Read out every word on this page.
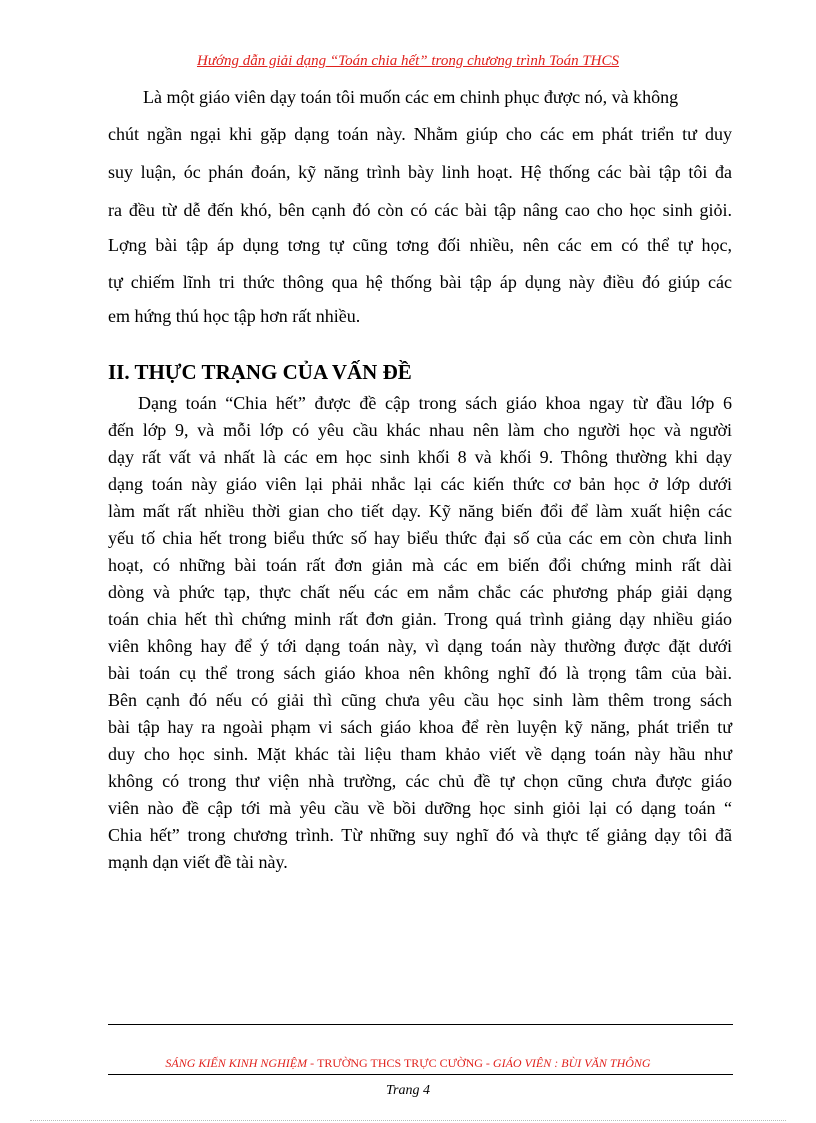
Hướng dẫn giải dạng “Toán chia hết” trong chương trình Toán THCS
Là một giáo viên dạy toán tôi muốn các em chinh phục được nó, và không
chút ngần ngại khi gặp dạng toán này. Nhằm giúp cho các em phát triển tư duy
suy luận, óc phán đoán, kỹ năng trình bày linh hoạt. Hệ thống các bài tập tôi đa
ra đều từ dễ đến khó, bên cạnh đó còn có các bài tập nâng cao cho học sinh giỏi.
Lợng bài tập áp dụng tơng tự cũng tơng đối nhiều, nên các em có thể tự học,
tự chiếm lĩnh tri thức thông qua hệ thống bài tập áp dụng này điều đó giúp các
em hứng thú học tập hơn rất nhiều.
II. THỰC TRẠNG CỦA VẤN ĐỀ
Dạng toán “Chia hết” được đề cập trong sách giáo khoa ngay từ đầu lớp 6
đến lớp 9, và mỗi lớp có yêu cầu khác nhau nên làm cho người học và người
dạy rất vất vả nhất là các em học sinh khối 8 và khối 9. Thông thường khi dạy
dạng toán này giáo viên lại phải nhắc lại các kiến thức cơ bản học ở lớp dưới
làm mất rất nhiều thời gian cho tiết dạy. Kỹ năng biến đổi để làm xuất hiện các
yếu tố chia hết trong biểu thức số hay biểu thức đại số của các em còn chưa linh
hoạt, có những bài toán rất đơn giản mà các em biến đổi chứng minh rất dài
dòng và phức tạp, thực chất nếu các em nắm chắc các phương pháp giải dạng
toán chia hết thì chứng minh rất đơn giản. Trong quá trình giảng dạy nhiều giáo
viên không hay để ý tới dạng toán này, vì dạng toán này thường được đặt dưới
bài toán cụ thể trong sách giáo khoa nên không nghĩ đó là trọng tâm của bài.
Bên cạnh đó nếu có giải thì cũng chưa yêu cầu học sinh làm thêm trong sách
bài tập hay ra ngoài phạm vi sách giáo khoa để rèn luyện kỹ năng, phát triển tư
duy cho học sinh. Mặt khác tài liệu tham khảo viết về dạng toán này hầu như
không có trong thư viện nhà trường, các chủ đề tự chọn cũng chưa được giáo
viên nào đề cập tới mà yêu cầu về bồi dưỡng học sinh giỏi lại có dạng toán “
Chia hết” trong chương trình. Từ những suy nghĩ đó và thực tế giảng dạy tôi đã
mạnh dạn viết đề tài này.
SÁNG KIẾN KINH NGHIỆM - TRƯỜNG THCS TRỰC CƯỜNG - GIÁO VIÊN : BÙI VĂN THÔNG
Trang 4
